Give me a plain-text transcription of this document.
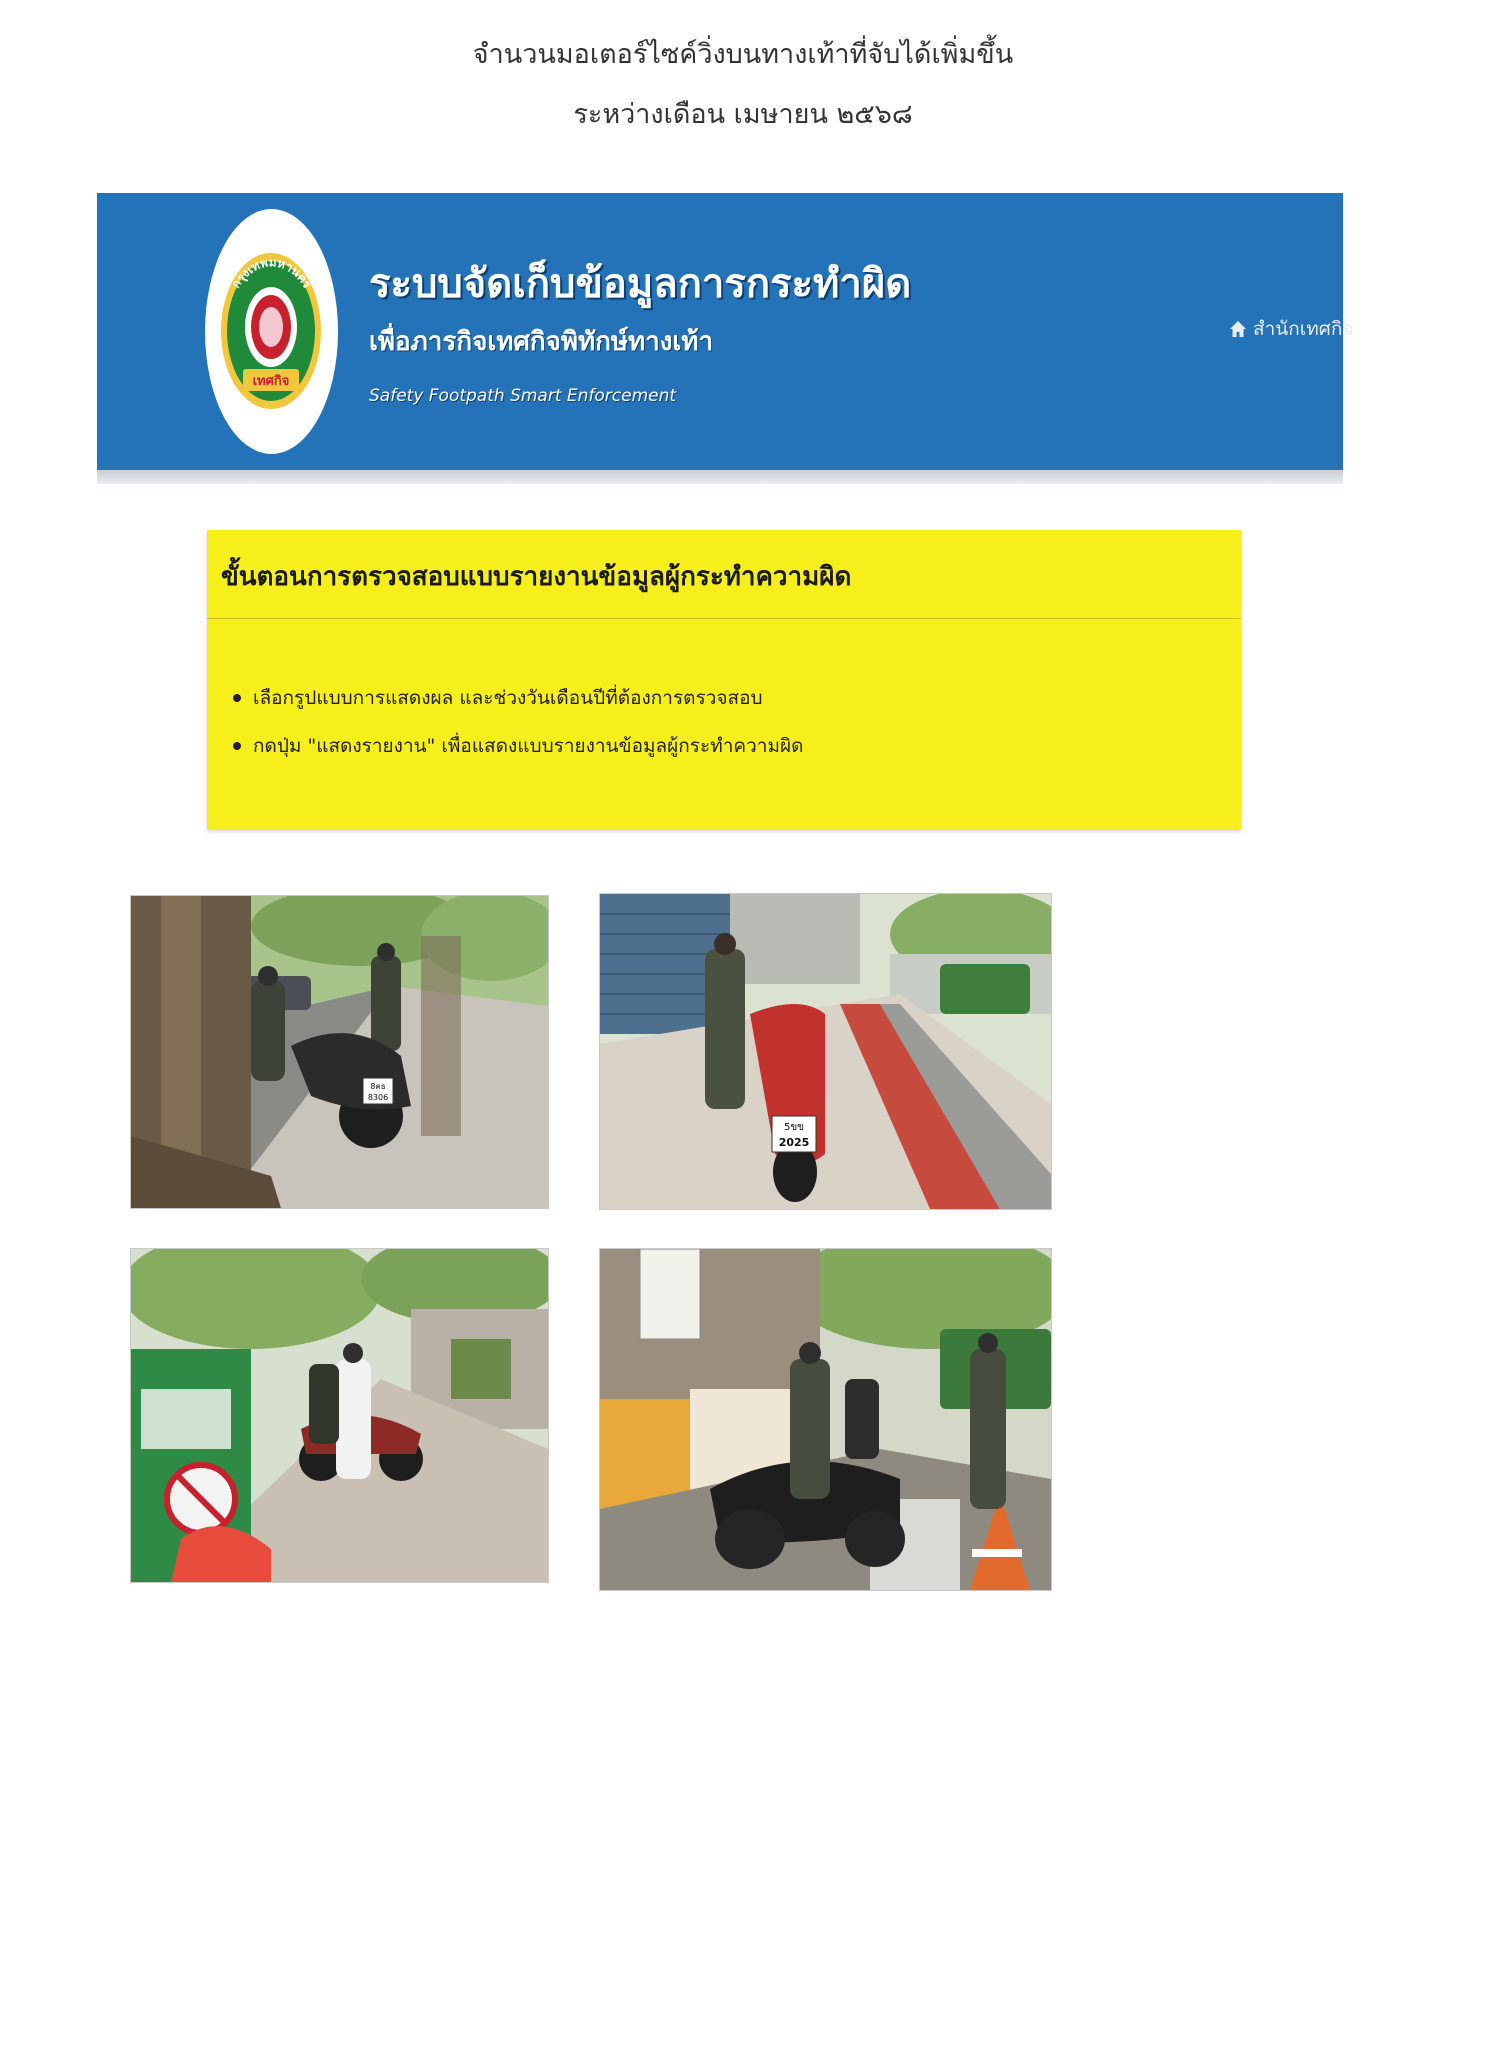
จำนวนมอเตอร์ไซค์วิ่งบนทางเท้าที่จับได้เพิ่มขึ้น
ระหว่างเดือน เมษายน ๒๕๖๘
เทศกิจ
กรุงเทพมหานคร ระบบจัดเก็บข้อมูลการกระทำผิด
เพื่อภารกิจเทศกิจพิทักษ์ทางเท้า
Safety Footpath Smart Enforcement
สำนักเทศกิจ
ขั้นตอนการตรวจสอบแบบรายงานข้อมูลผู้กระทำความผิด
เลือกรูปแบบการแสดงผล และช่วงวันเดือนปีที่ต้องการตรวจสอบ
กดปุ่ม "แสดงรายงาน" เพื่อแสดงแบบรายงานข้อมูลผู้กระทำความผิด
8คธ
8306
5ขข
2025
